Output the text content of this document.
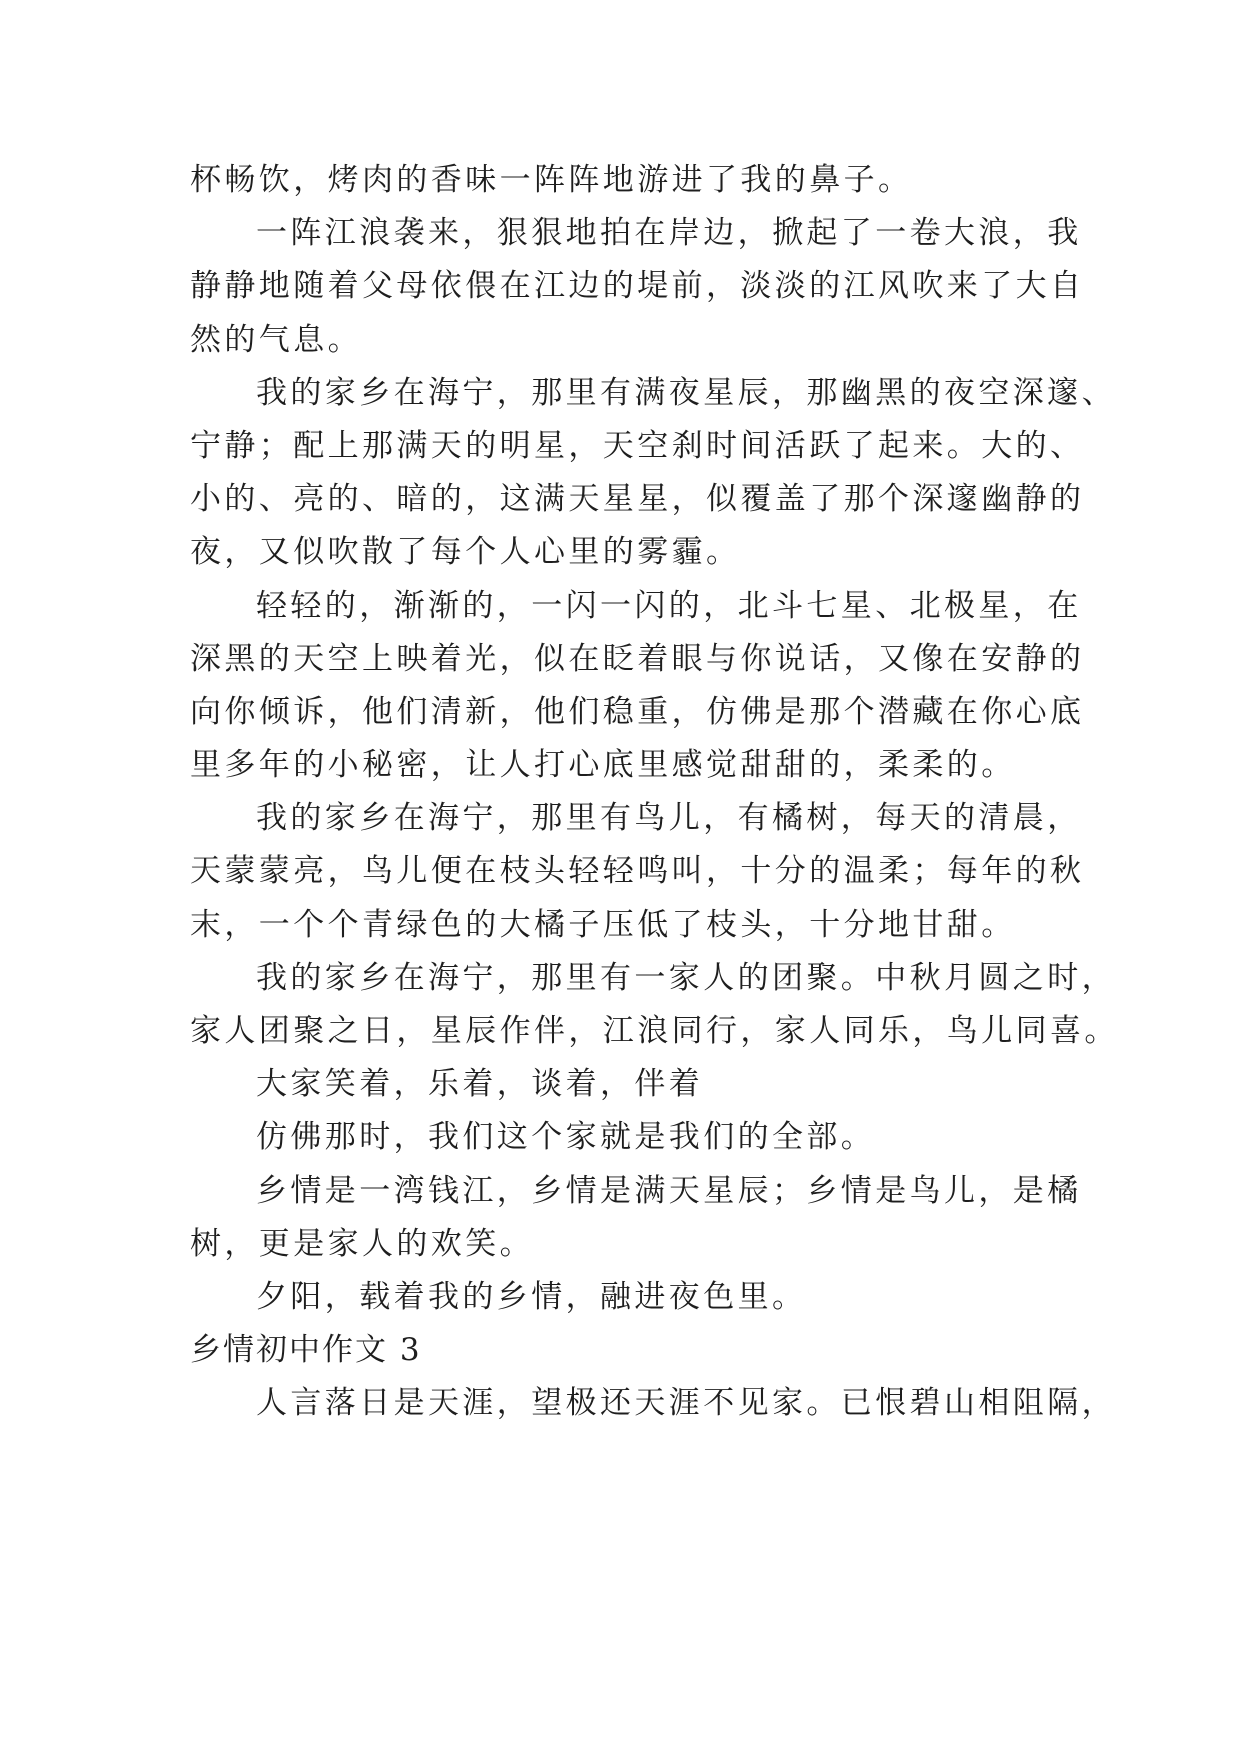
杯畅饮，烤肉的香味一阵阵地游进了我的鼻子。
一阵江浪袭来，狠狠地拍在岸边，掀起了一卷大浪，我
静静地随着父母依偎在江边的堤前，淡淡的江风吹来了大自
然的气息。
我的家乡在海宁，那里有满夜星辰，那幽黑的夜空深邃、
宁静；配上那满天的明星，天空刹时间活跃了起来。大的、
小的、亮的、暗的，这满天星星，似覆盖了那个深邃幽静的
夜，又似吹散了每个人心里的雾霾。
轻轻的，渐渐的，一闪一闪的，北斗七星、北极星，在
深黑的天空上映着光，似在眨着眼与你说话，又像在安静的
向你倾诉，他们清新，他们稳重，仿佛是那个潜藏在你心底
里多年的小秘密，让人打心底里感觉甜甜的，柔柔的。
我的家乡在海宁，那里有鸟儿，有橘树，每天的清晨，
天蒙蒙亮，鸟儿便在枝头轻轻鸣叫，十分的温柔；每年的秋
末，一个个青绿色的大橘子压低了枝头，十分地甘甜。
我的家乡在海宁，那里有一家人的团聚。中秋月圆之时，
家人团聚之日，星辰作伴，江浪同行，家人同乐，鸟儿同喜。
大家笑着，乐着，谈着，伴着
仿佛那时，我们这个家就是我们的全部。
乡情是一湾钱江，乡情是满天星辰；乡情是鸟儿，是橘
树，更是家人的欢笑。
夕阳，载着我的乡情，融进夜色里。
乡情初中作文 3
人言落日是天涯，望极还天涯不见家。已恨碧山相阻隔，
